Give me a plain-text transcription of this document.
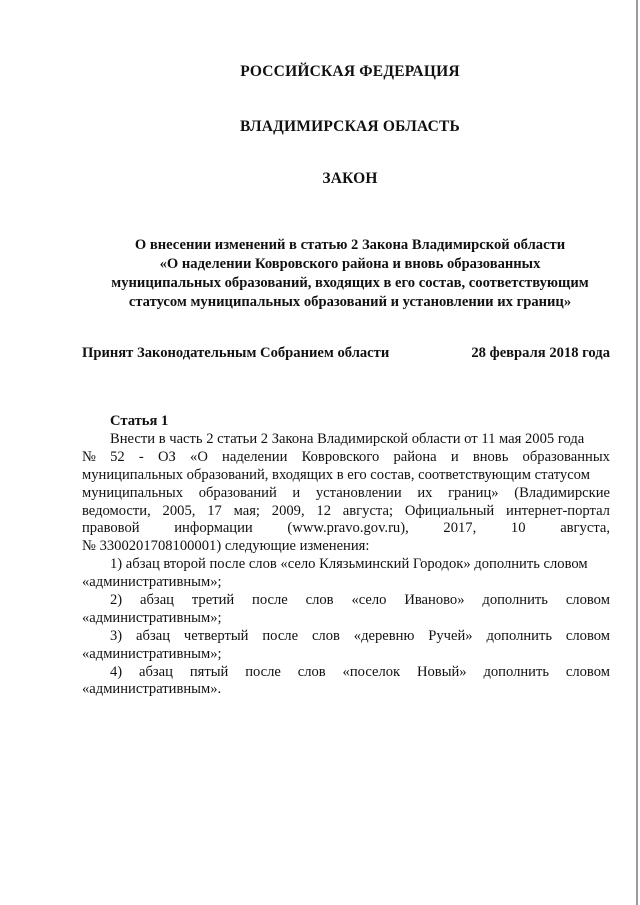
РОССИЙСКАЯ ФЕДЕРАЦИЯ
ВЛАДИМИРСКАЯ ОБЛАСТЬ
ЗАКОН
О внесении изменений в статью 2 Закона Владимирской области
«О наделении Ковровского района и вновь образованных
муниципальных образований, входящих в его состав, соответствующим
статусом муниципальных образований и установлении их границ»
Принят Законодательным Собранием области	28 февраля 2018 года
Статья 1
Внести в часть 2 статьи 2 Закона Владимирской области от 11 мая 2005 года
№ 52 - ОЗ «О наделении Ковровского района и вновь образованных
муниципальных образований, входящих в его состав, соответствующим статусом
муниципальных образований и установлении их границ» (Владимирские
ведомости, 2005, 17 мая; 2009, 12 августа; Официальный интернет-портал
правовой информации (www.pravo.gov.ru), 2017, 10 августа,
№ 3300201708100001) следующие изменения:
1) абзац второй после слов «село Клязьминский Городок» дополнить словом
«административным»;
2) абзац третий после слов «село Иваново» дополнить словом
«административным»;
3) абзац четвертый после слов «деревню Ручей» дополнить словом
«административным»;
4) абзац пятый после слов «поселок Новый» дополнить словом
«административным».
